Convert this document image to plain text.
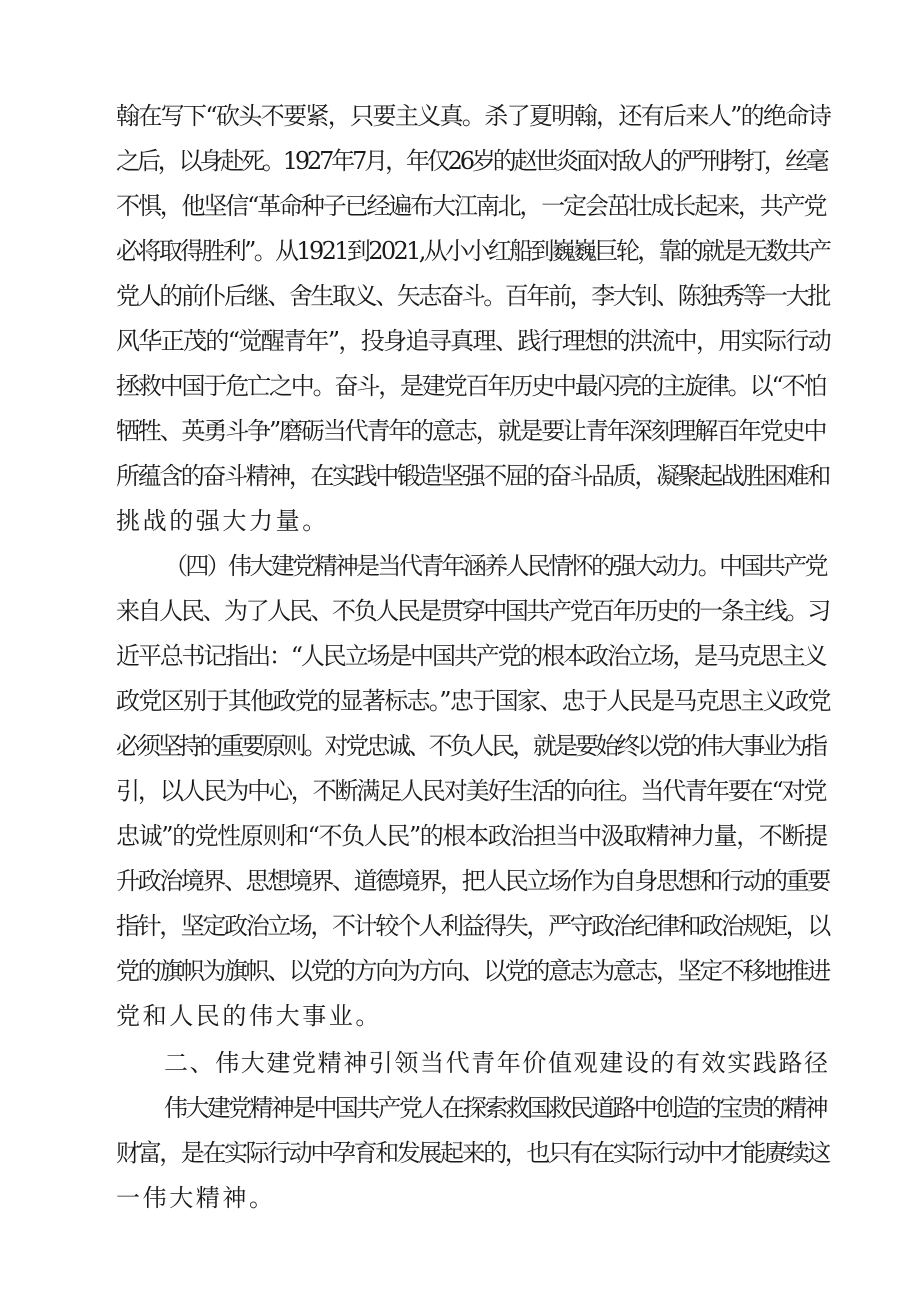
翰在写下“砍头不要紧，只要主义真。杀了夏明翰，还有后来人”的绝命诗

之后，以身赴死。1927年7月，年仅26岁的赵世炎面对敌人的严刑拷打，丝毫

不惧，他坚信“革命种子已经遍布大江南北，一定会茁壮成长起来，共产党

必将取得胜利”。从1921到2021,从小小红船到巍巍巨轮，靠的就是无数共产

党人的前仆后继、舍生取义、矢志奋斗。百年前，李大钊、陈独秀等一大批

风华正茂的“觉醒青年”，投身追寻真理、践行理想的洪流中，用实际行动

拯救中国于危亡之中。奋斗，是建党百年历史中最闪亮的主旋律。以“不怕

牺牲、英勇斗争”磨砺当代青年的意志，就是要让青年深刻理解百年党史中

所蕴含的奋斗精神，在实践中锻造坚强不屈的奋斗品质，凝聚起战胜困难和

挑战的强大力量。

（四）伟大建党精神是当代青年涵养人民情怀的强大动力。中国共产党

来自人民、为了人民、不负人民是贯穿中国共产党百年历史的一条主线。习

近平总书记指出：“人民立场是中国共产党的根本政治立场，是马克思主义

政党区别于其他政党的显著标志。”忠于国家、忠于人民是马克思主义政党

必须坚持的重要原则。对党忠诚、不负人民，就是要始终以党的伟大事业为指

引，以人民为中心，不断满足人民对美好生活的向往。当代青年要在“对党

忠诚”的党性原则和“不负人民”的根本政治担当中汲取精神力量，不断提

升政治境界、思想境界、道德境界，把人民立场作为自身思想和行动的重要

指针，坚定政治立场，不计较个人利益得失，严守政治纪律和政治规矩，以

党的旗帜为旗帜、以党的方向为方向、以党的意志为意志，坚定不移地推进

党和人民的伟大事业。

二、伟大建党精神引领当代青年价值观建设的有效实践路径

伟大建党精神是中国共产党人在探索救国救民道路中创造的宝贵的精神

财富，是在实际行动中孕育和发展起来的，也只有在实际行动中才能赓续这

一伟大精神。
